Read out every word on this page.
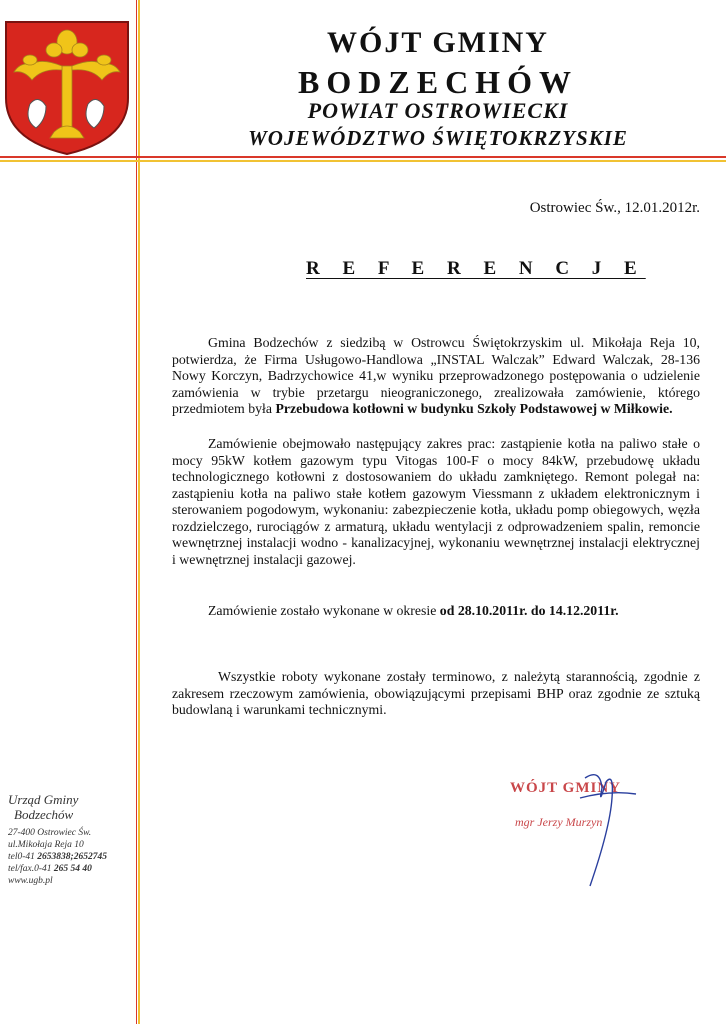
WÓJT GMINY
BODZECHÓW
POWIAT OSTROWIECKI
WOJEWÓDZTWO ŚWIĘTOKRZYSKIE
Ostrowiec Św., 12.01.2012r.
R E F E R E N C J E
Gmina Bodzechów z siedzibą w Ostrowcu Świętokrzyskim ul. Mikołaja Reja 10, potwierdza, że Firma Usługowo-Handlowa „INSTAL Walczak” Edward Walczak, 28-136 Nowy Korczyn, Badrzychowice 41,w wyniku przeprowadzonego postępowania o udzielenie zamówienia w trybie przetargu nieograniczonego, zrealizowała zamówienie, którego przedmiotem była Przebudowa kotłowni w budynku Szkoły Podstawowej w Miłkowie.
Zamówienie obejmowało następujący zakres prac: zastąpienie kotła na paliwo stałe o mocy 95kW kotłem gazowym typu Vitogas 100-F o mocy 84kW, przebudowę układu technologicznego kotłowni z dostosowaniem do układu zamkniętego. Remont polegał na: zastąpieniu kotła na paliwo stałe kotłem gazowym Viessmann z układem elektronicznym i sterowaniem pogodowym, wykonaniu: zabezpieczenie kotła, układu pomp obiegowych, węzła rozdzielczego, rurociągów z armaturą, układu wentylacji z odprowadzeniem spalin, remoncie wewnętrznej instalacji wodno - kanalizacyjnej, wykonaniu wewnętrznej instalacji elektrycznej i wewnętrznej instalacji gazowej.
Zamówienie zostało wykonane w okresie od 28.10.2011r. do 14.12.2011r.
Wszystkie roboty wykonane zostały terminowo, z należytą starannością, zgodnie z zakresem rzeczowym zamówienia, obowiązującymi przepisami BHP oraz zgodnie ze sztuką budowlaną i warunkami technicznymi.
WÓJT GMINY
mgr Jerzy Murzyn
Urząd Gminy
Bodzechów
27-400 Ostrowiec Św.
ul.Mikołaja Reja 10
tel0-41 2653838;2652745
tel/fax.0-41 265 54 40
www.ugb.pl
